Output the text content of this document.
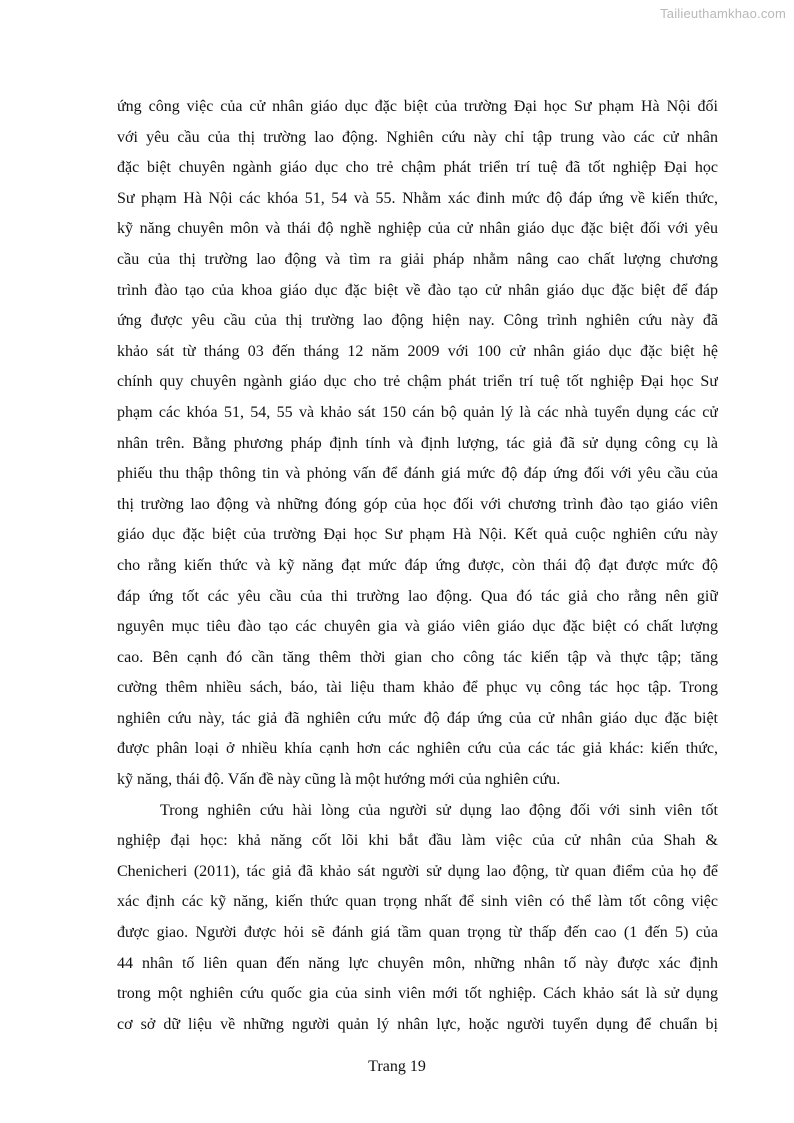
Tailieuthamkhao.com
ứng công việc của cử nhân giáo dục đặc biệt của trường Đại học Sư phạm Hà Nội đối
với yêu cầu của thị trường lao động. Nghiên cứu này chỉ tập trung vào các cử nhân
đặc biệt chuyên ngành giáo dục cho trẻ chậm phát triển trí tuệ đã tốt nghiệp Đại học
Sư phạm Hà Nội các khóa 51, 54 và 55. Nhằm xác đinh mức độ đáp ứng về kiến thức,
kỹ năng chuyên môn và thái độ nghề nghiệp của cử nhân giáo dục đặc biệt đối với yêu
cầu của thị trường lao động và tìm ra giải pháp nhằm nâng cao chất lượng chương
trình đào tạo của khoa giáo dục đặc biệt về đào tạo cử nhân giáo dục đặc biệt để đáp
ứng được yêu cầu của thị trường lao động hiện nay. Công trình nghiên cứu này đã
khảo sát từ tháng 03 đến tháng 12 năm 2009 với 100 cử nhân giáo dục đặc biệt hệ
chính quy chuyên ngành giáo dục cho trẻ chậm phát triển trí tuệ tốt nghiệp Đại học Sư
phạm các khóa 51, 54, 55 và khảo sát 150 cán bộ quản lý là các nhà tuyển dụng các cử
nhân trên. Bằng phương pháp định tính và định lượng, tác giả đã sử dụng công cụ là
phiếu thu thập thông tin và phỏng vấn để đánh giá mức độ đáp ứng đối với yêu cầu của
thị trường lao động và những đóng góp của học đối với chương trình đào tạo giáo viên
giáo dục đặc biệt của trường Đại học Sư phạm Hà Nội. Kết quả cuộc nghiên cứu này
cho rằng kiến thức và kỹ năng đạt mức đáp ứng được, còn thái độ đạt được mức độ
đáp ứng tốt các yêu cầu của thi trường lao động. Qua đó tác giả cho rằng nên giữ
nguyên mục tiêu đào tạo các chuyên gia và giáo viên giáo dục đặc biệt có chất lượng
cao. Bên cạnh đó cần tăng thêm thời gian cho công tác kiến tập và thực tập; tăng
cường thêm nhiều sách, báo, tài liệu tham khảo để phục vụ công tác học tập. Trong
nghiên cứu này, tác giả đã nghiên cứu mức độ đáp ứng của cử nhân giáo dục đặc biệt
được phân loại ở nhiều khía cạnh hơn các nghiên cứu của các tác giả khác: kiến thức,
kỹ năng, thái độ. Vấn đề này cũng là một hướng mới của nghiên cứu.
Trong nghiên cứu hài lòng của người sử dụng lao động đối với sinh viên tốt
nghiệp đại học: khả năng cốt lõi khi bắt đầu làm việc của cử nhân của Shah &
Chenicheri (2011), tác giả đã khảo sát người sử dụng lao động, từ quan điểm của họ để
xác định các kỹ năng, kiến thức quan trọng nhất để sinh viên có thể làm tốt công việc
được giao. Người được hỏi sẽ đánh giá tầm quan trọng từ thấp đến cao (1 đến 5) của
44 nhân tố liên quan đến năng lực chuyên môn, những nhân tố này được xác định
trong một nghiên cứu quốc gia của sinh viên mới tốt nghiệp. Cách khảo sát là sử dụng
cơ sở dữ liệu về những người quản lý nhân lực, hoặc người tuyển dụng để chuẩn bị
Trang 19
